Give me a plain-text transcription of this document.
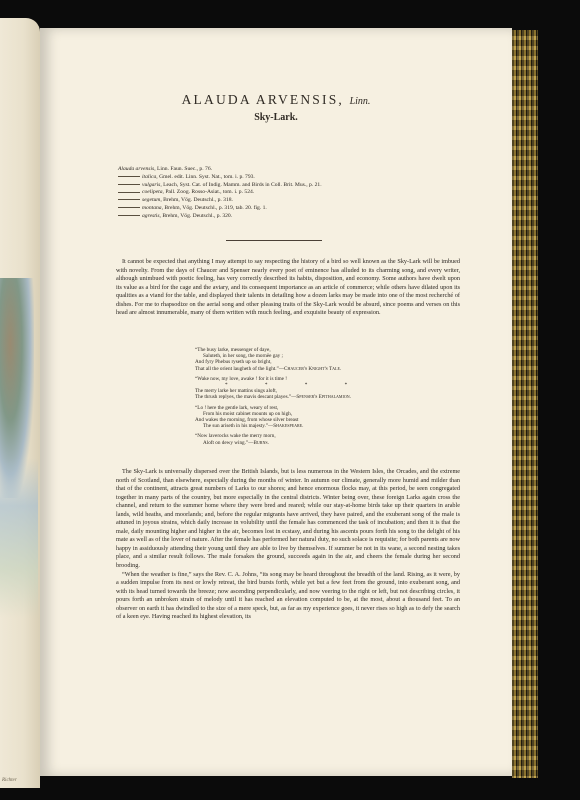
Richter
ALAUDA ARVENSIS, Linn.
Sky-Lark.
Alauda arvensis, Linn. Faun. Suec., p. 76.
italica, Gmel. edit. Linn. Syst. Nat., tom. i. p. 793.
vulgaris, Leach, Syst. Cat. of Indig. Mamm. and Birds in Coll. Brit. Mus., p. 21.
coelipeta, Pall. Zoog. Rosso-Asiat., tom. i. p. 524.
segetum, Brehm, Vög. Deutschl., p. 318.
montana, Brehm, Vög. Deutschl., p. 319, tab. 20. fig. 1.
agrestis, Brehm, Vög. Deutschl., p. 320.

It cannot be expected that anything I may attempt to say respecting the history of a bird so well known as the Sky-Lark will be imbued with novelty. From the days of Chaucer and Spenser nearly every poet of eminence has alluded to its charming song, and every writer, although unimbued with poetic feeling, has very correctly described its habits, disposition, and economy. Some authors have dwelt upon its value as a bird for the cage and the aviary, and its consequent importance as an article of commerce; while others have dilated upon its qualities as a viand for the table, and displayed their talents in detailing how a dozen larks may be made into one of the most recherché of dishes. For me to rhapsodize on the aerial song and other pleasing traits of the Sky-Lark would be absurd, since poems and verses on this head are almost innumerable, many of them written with much feeling, and exquisite beauty of expression.

“The busy larke, messenger of daye,
Saluteth, in her song, the mornëe gay ;
And fyry Phebus ryseth up so bright,
That all the orient laugheth of the light.”—Chaucer's Knight's Tale.
“Wake now, my love, awake ! for it is time !
* * * *
The merry larke her mattins sings aloft,
The thrush replyes, the mavis descant playes.”—Spenser's Epithalamion.
“Lo ! here the gentle lark, weary of rest,
From his moist cabinet mounts up on high,
And wakes the morning, from whose silver breast
The sun ariseth in his majesty.”—Shakespeare.
“Now laverocks wake the merry morn,
Aloft on dewy wing.”—Burns.

The Sky-Lark is universally dispersed over the British Islands, but is less numerous in the Western Isles, the Orcades, and the extreme north of Scotland, than elsewhere, especially during the months of winter. In autumn our climate, generally more humid and milder than that of the continent, attracts great numbers of Larks to our shores; and hence enormous flocks may, at this period, be seen congregated together in many parts of the country, but more especially in the central districts. Winter being over, these foreign Larks again cross the channel, and return to the summer home where they were bred and reared; while our stay-at-home birds take up their quarters in arable lands, wild heaths, and moorlands; and, before the regular migrants have arrived, they have paired, and the exuberant song of the male is attuned in joyous strains, which daily increase in volubility until the female has commenced the task of incubation; and then it is that the male, daily mounting higher and higher in the air, becomes lost in ecstasy, and during his ascents pours forth his song to the delight of his mate as well as of the lover of nature. After the female has performed her natural duty, no such solace is requisite; for both parents are now happy in assiduously attending their young until they are able to live by themselves. If summer be not in its wane, a second nesting takes place, and a similar result follows. The male forsakes the ground, succeeds again in the air, and cheers the female during her second brooding.

“When the weather is fine,” says the Rev. C. A. Johns, “its song may be heard throughout the breadth of the land. Rising, as it were, by a sudden impulse from its nest or lowly retreat, the bird bursts forth, while yet but a few feet from the ground, into exuberant song, and with its head turned towards the breeze; now ascending perpendicularly, and now veering to the right or left, but not describing circles, it pours forth an unbroken strain of melody until it has reached an elevation computed to be, at the most, about a thousand feet. To an observer on earth it has dwindled to the size of a mere speck, but, as far as my experience goes, it never rises so high as to defy the search of a keen eye. Having reached its highest elevation, its
